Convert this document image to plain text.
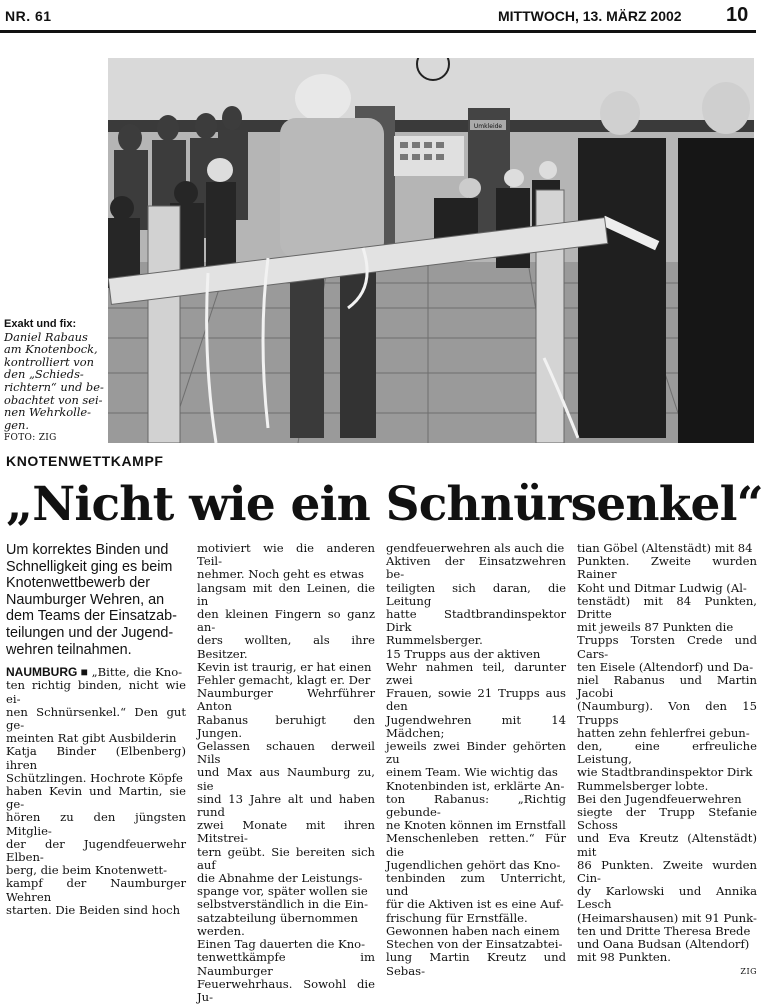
NR. 61	MITTWOCH, 13. MÄRZ 2002 10
Umkleide
Exakt und fix:
Daniel Rabaus
am Knotenbock,
kontrolliert von
den „Schieds-
richtern“ und be-
obachtet von sei-
nen Wehrkolle-
gen.
FOTO: ZIG
KNOTENWETTKAMPF
„Nicht wie ein Schnürsenkel“
Um korrektes Binden und
Schnelligkeit ging es beim
Knotenwettbewerb der
Naumburger Wehren, an
dem Teams der Einsatzab-
teilungen und der Jugend-
wehren teilnahmen.
NAUMBURG ■ „Bitte, die Kno-
ten richtig binden, nicht wie ei-
nen Schnürsenkel.“ Den gut ge-
meinten Rat gibt Ausbilderin
Katja Binder (Elbenberg) ihren
Schützlingen. Hochrote Köpfe
haben Kevin und Martin, sie ge-
hören zu den jüngsten Mitglie-
der der Jugendfeuerwehr Elben-
berg, die beim Knotenwett-
kampf der Naumburger Wehren
starten. Die Beiden sind hoch
motiviert wie die anderen Teil-
nehmer. Noch geht es etwas
langsam mit den Leinen, die in
den kleinen Fingern so ganz an-
ders wollten, als ihre Besitzer.
Kevin ist traurig, er hat einen
Fehler gemacht, klagt er. Der
Naumburger Wehrführer Anton
Rabanus beruhigt den Jungen.
Gelassen schauen derweil Nils
und Max aus Naumburg zu, sie
sind 13 Jahre alt und haben rund
zwei Monate mit ihren Mitstrei-
tern geübt. Sie bereiten sich auf
die Abnahme der Leistungs-
spange vor, später wollen sie
selbstverständlich in die Ein-
satzabteilung übernommen
werden.
Einen Tag dauerten die Kno-
tenwettkämpfe im Naumburger
Feuerwehrhaus. Sowohl die Ju-
gendfeuerwehren als auch die
Aktiven der Einsatzwehren be-
teiligten sich daran, die Leitung
hatte Stadtbrandinspektor Dirk
Rummelsberger.
15 Trupps aus der aktiven
Wehr nahmen teil, darunter zwei
Frauen, sowie 21 Trupps aus den
Jugendwehren mit 14 Mädchen;
jeweils zwei Binder gehörten zu
einem Team. Wie wichtig das
Knotenbinden ist, erklärte An-
ton Rabanus: „Richtig gebunde-
ne Knoten können im Ernstfall
Menschenleben retten.“ Für die
Jugendlichen gehört das Kno-
tenbinden zum Unterricht, und
für die Aktiven ist es eine Auf-
frischung für Ernstfälle.
Gewonnen haben nach einem
Stechen von der Einsatzabtei-
lung Martin Kreutz und Sebas-
tian Göbel (Altenstädt) mit 84
Punkten. Zweite wurden Rainer
Koht und Ditmar Ludwig (Al-
tenstädt) mit 84 Punkten, Dritte
mit jeweils 87 Punkten die
Trupps Torsten Crede und Cars-
ten Eisele (Altendorf) und Da-
niel Rabanus und Martin Jacobi
(Naumburg). Von den 15 Trupps
hatten zehn fehlerfrei gebun-
den, eine erfreuliche Leistung,
wie Stadtbrandinspektor Dirk
Rummelsberger lobte.
Bei den Jugendfeuerwehren
siegte der Trupp Stefanie Schoss
und Eva Kreutz (Altenstädt) mit
86 Punkten. Zweite wurden Cin-
dy Karlowski und Annika Lesch
(Heimarshausen) mit 91 Punk-
ten und Dritte Theresa Brede
und Oana Budsan (Altendorf)
mit 98 Punkten.
ZIG
